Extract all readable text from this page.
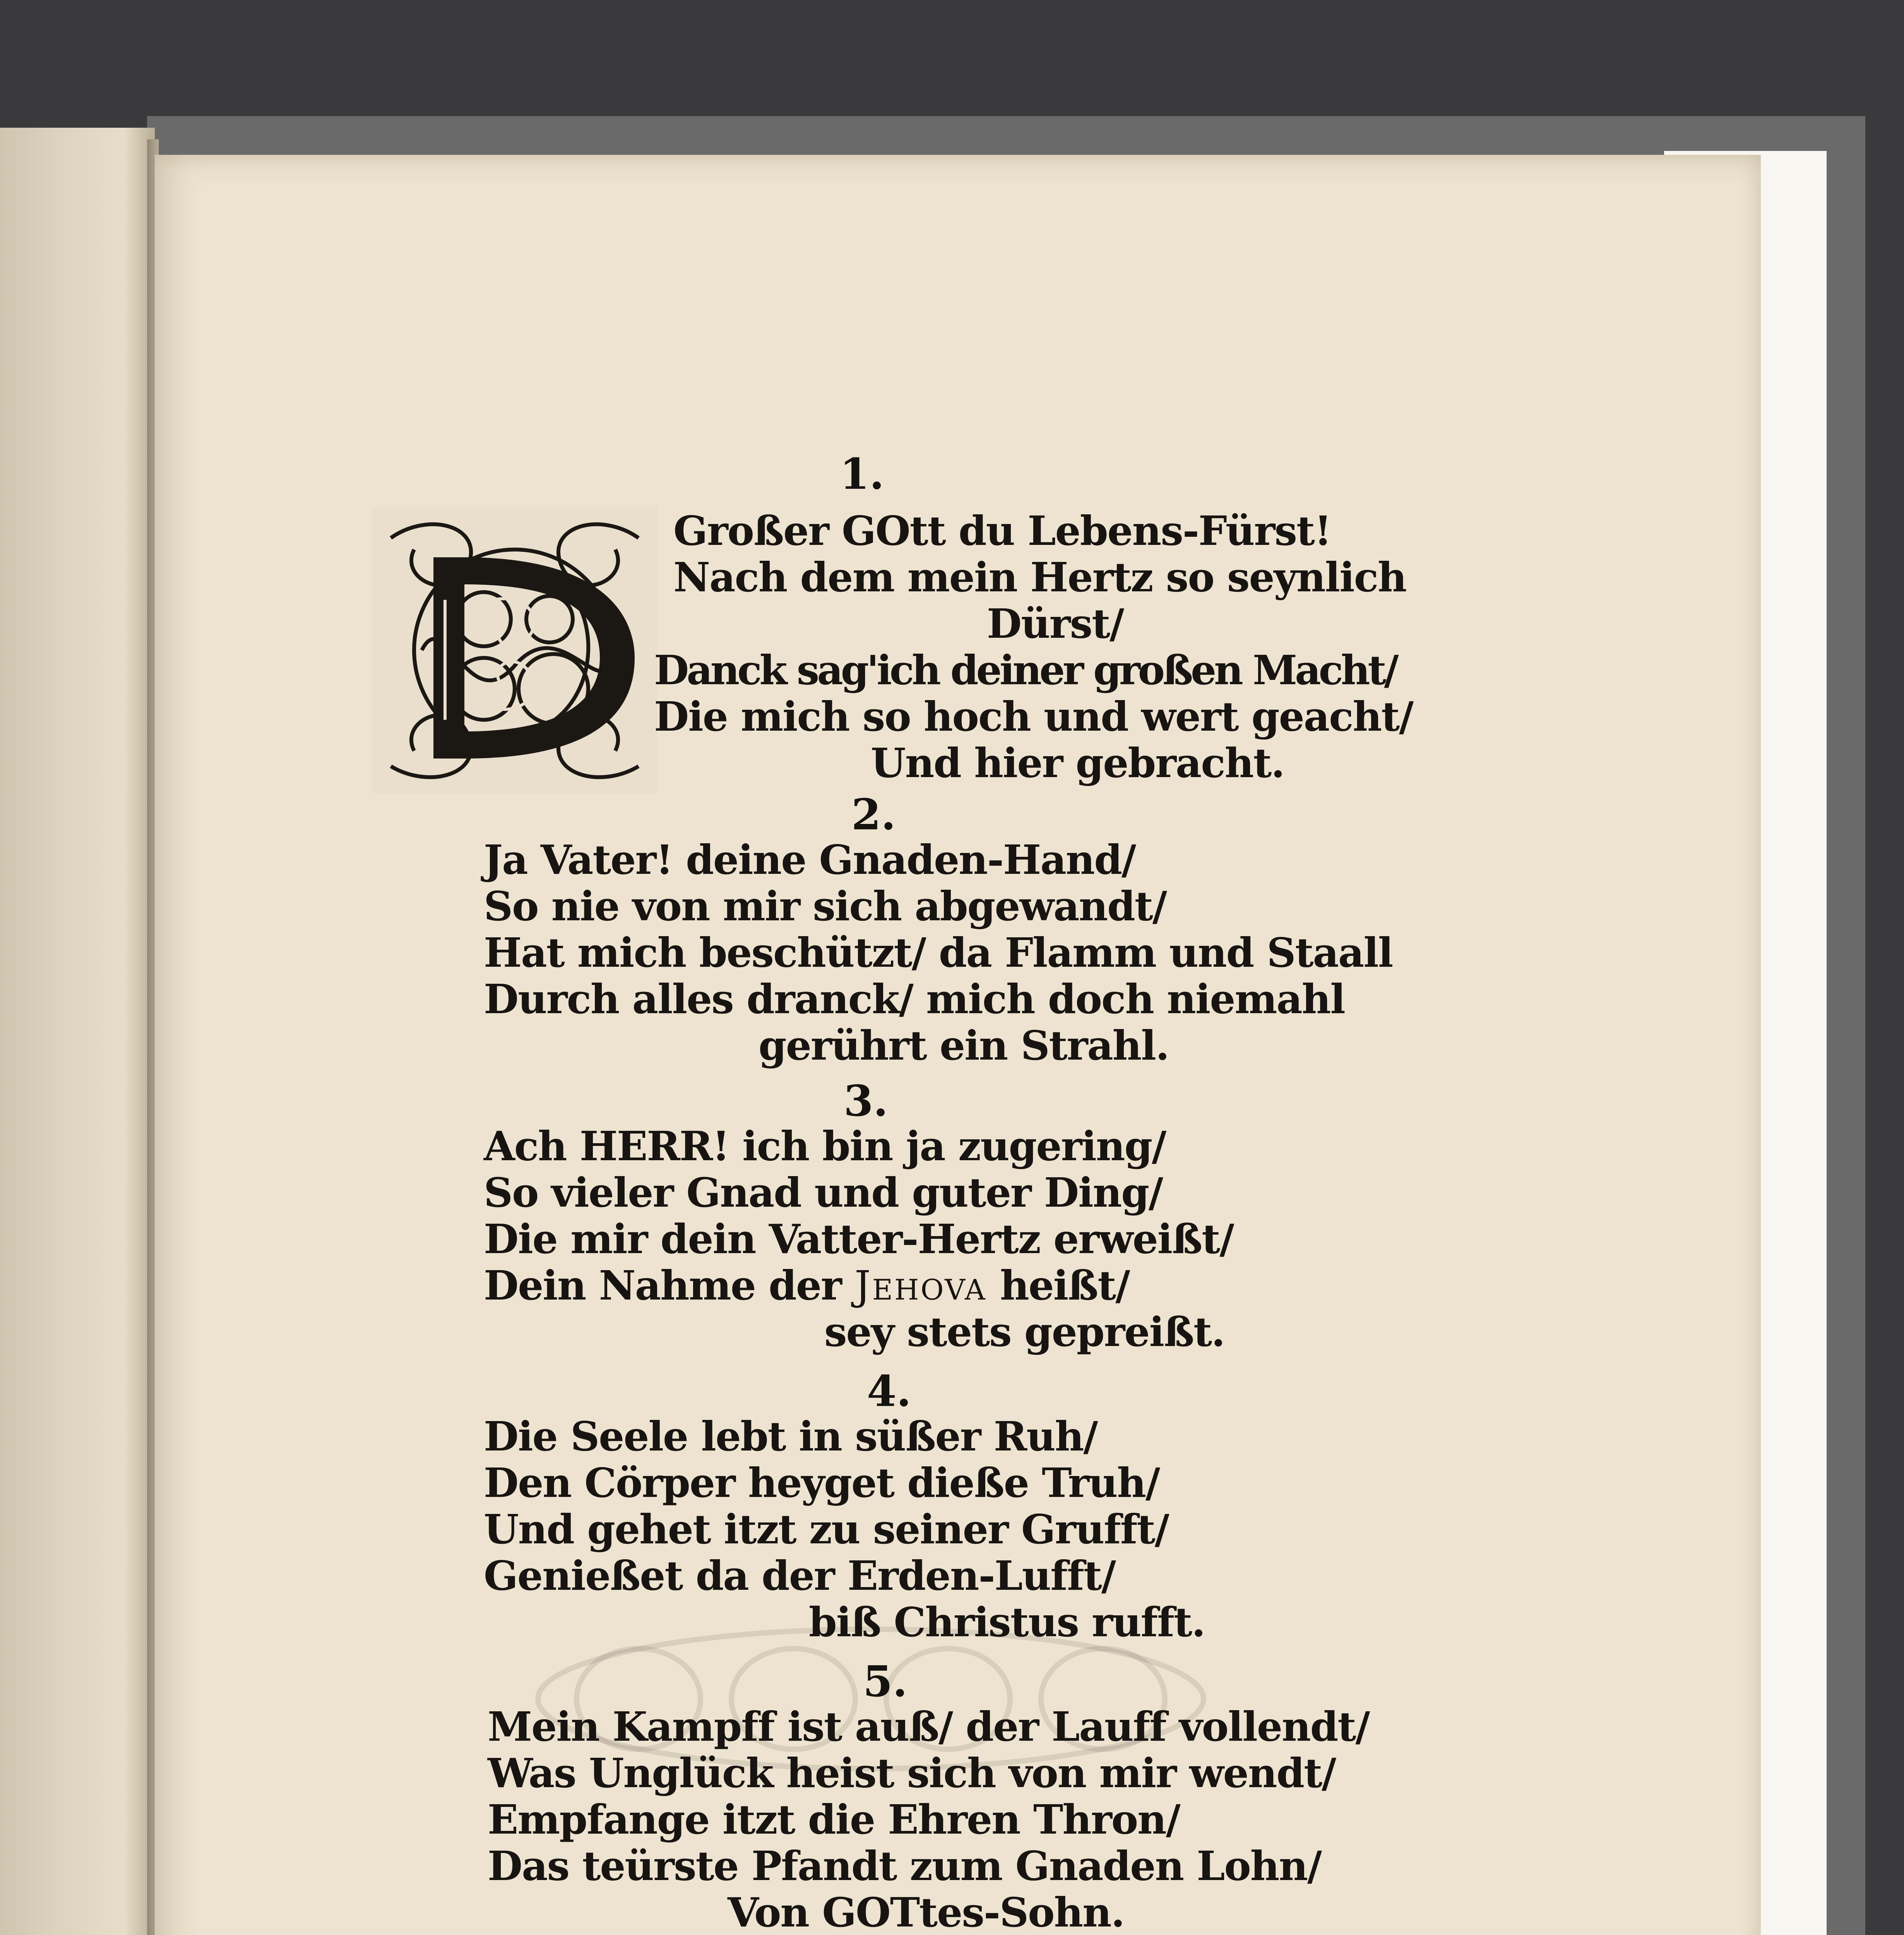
1.
Großer GOtt du Lebens-Fürst!
Nach dem mein Hertz so seynlich
Dürst/
Danck sag'ich deiner großen Macht/
Die mich so hoch und wert geacht/
Und hier gebracht.
2.
Ja Vater! deine Gnaden-Hand/
So nie von mir sich abgewandt/
Hat mich beschützt/ da Flamm und Staall
Durch alles dranck/ mich doch niemahl
gerührt ein Strahl.
3.
Ach HERR! ich bin ja zugering/
So vieler Gnad und guter Ding/
Die mir dein Vatter-Hertz erweißt/
Dein Nahme der Jehova heißt/
sey stets gepreißt.
4.
Die Seele lebt in süßer Ruh/
Den Cörper heyget dieße Truh/
Und gehet itzt zu seiner Grufft/
Genießet da der Erden-Lufft/
biß Christus rufft.
5.
Mein Kampff ist auß/ der Lauff vollendt/
Was Unglück heist sich von mir wendt/
Empfange itzt die Ehren Thron/
Das teürste Pfandt zum Gnaden Lohn/
Von GOTtes-Sohn.
